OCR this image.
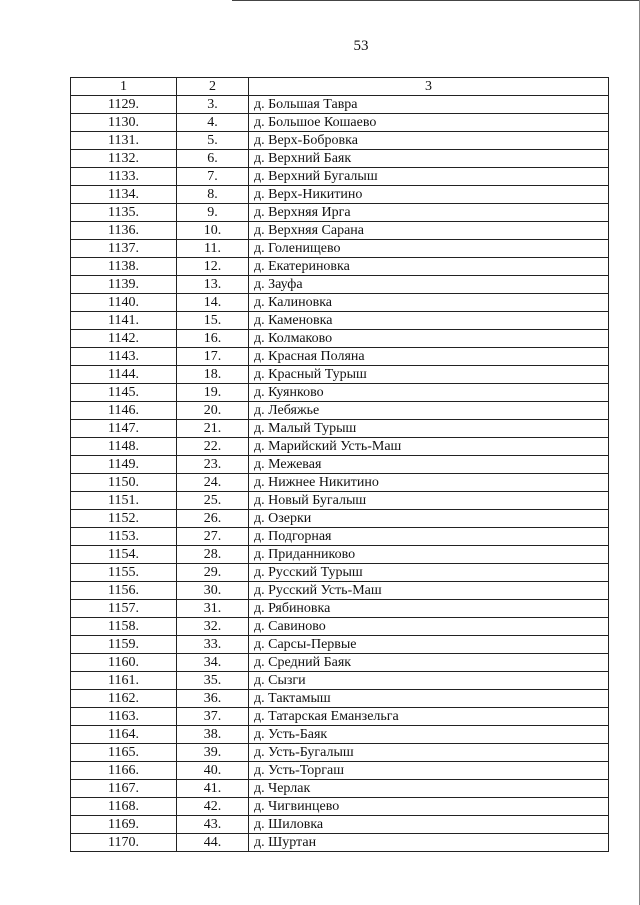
53
1	2	3
1129.	3.	д. Большая Тавра
1130.	4.	д. Большое Кошаево
1131.	5.	д. Верх-Бобровка
1132.	6.	д. Верхний Баяк
1133.	7.	д. Верхний Бугалыш
1134.	8.	д. Верх-Никитино
1135.	9.	д. Верхняя Ирга
1136.	10.	д. Верхняя Сарана
1137.	11.	д. Голенищево
1138.	12.	д. Екатериновка
1139.	13.	д. Зауфа
1140.	14.	д. Калиновка
1141.	15.	д. Каменовка
1142.	16.	д. Колмаково
1143.	17.	д. Красная Поляна
1144.	18.	д. Красный Турыш
1145.	19.	д. Куянково
1146.	20.	д. Лебяжье
1147.	21.	д. Малый Турыш
1148.	22.	д. Марийский Усть-Маш
1149.	23.	д. Межевая
1150.	24.	д. Нижнее Никитино
1151.	25.	д. Новый Бугалыш
1152.	26.	д. Озерки
1153.	27.	д. Подгорная
1154.	28.	д. Приданниково
1155.	29.	д. Русский Турыш
1156.	30.	д. Русский Усть-Маш
1157.	31.	д. Рябиновка
1158.	32.	д. Савиново
1159.	33.	д. Сарсы-Первые
1160.	34.	д. Средний Баяк
1161.	35.	д. Сызги
1162.	36.	д. Тактамыш
1163.	37.	д. Татарская Еманзельга
1164.	38.	д. Усть-Баяк
1165.	39.	д. Усть-Бугалыш
1166.	40.	д. Усть-Торгаш
1167.	41.	д. Черлак
1168.	42.	д. Чигвинцево
1169.	43.	д. Шиловка
1170.	44.	д. Шуртан
